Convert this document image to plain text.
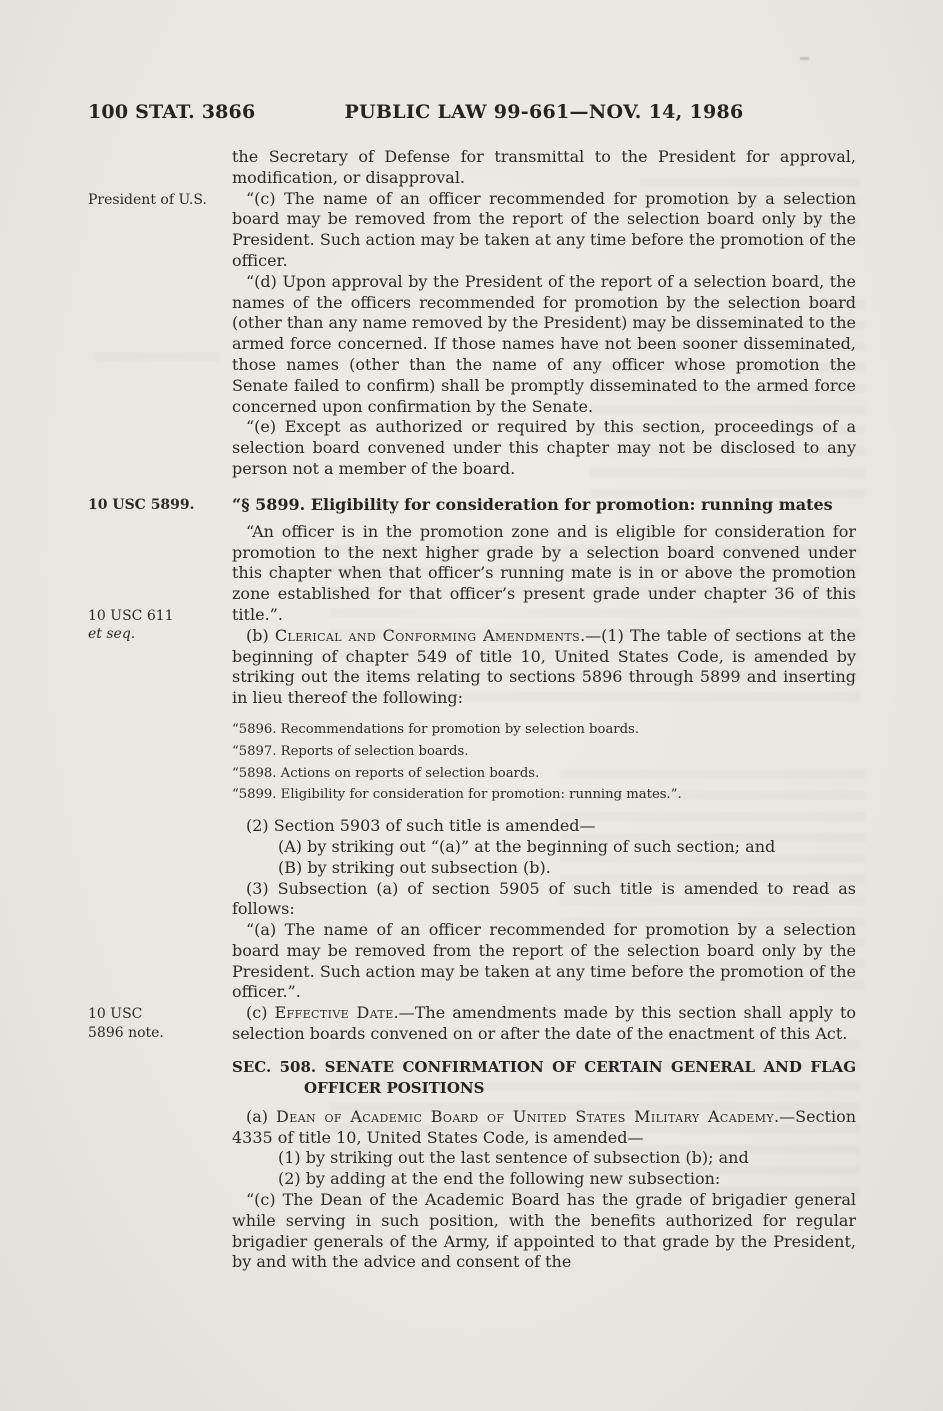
100 STAT. 3866	PUBLIC LAW 99-661—NOV. 14, 1986

the Secretary of Defense for transmittal to the President for approval, modification, or disapproval.

President of U.S.	“(c) The name of an officer recommended for promotion by a selection board may be removed from the report of the selection board only by the President. Such action may be taken at any time before the promotion of the officer.

“(d) Upon approval by the President of the report of a selection board, the names of the officers recommended for promotion by the selection board (other than any name removed by the President) may be disseminated to the armed force concerned. If those names have not been sooner disseminated, those names (other than the name of any officer whose promotion the Senate failed to confirm) shall be promptly disseminated to the armed force concerned upon confirmation by the Senate.

“(e) Except as authorized or required by this section, proceedings of a selection board convened under this chapter may not be disclosed to any person not a member of the board.

10 USC 5899.	“§ 5899. Eligibility for consideration for promotion: running mates

“An officer is in the promotion zone and is eligible for consideration for promotion to the next higher grade by a selection board convened under this chapter when that officer’s running mate is in or above the promotion zone established for that officer’s present grade under chapter 36 of this title.”.

10 USC 611 et seq.	(b) Clerical and Conforming Amendments.—(1) The table of sections at the beginning of chapter 549 of title 10, United States Code, is amended by striking out the items relating to sections 5896 through 5899 and inserting in lieu thereof the following:

“5896. Recommendations for promotion by selection boards.

“5897. Reports of selection boards.

“5898. Actions on reports of selection boards.

“5899. Eligibility for consideration for promotion: running mates.”.

(2) Section 5903 of such title is amended—

(A) by striking out “(a)” at the beginning of such section; and

(B) by striking out subsection (b).

(3) Subsection (a) of section 5905 of such title is amended to read as follows:

“(a) The name of an officer recommended for promotion by a selection board may be removed from the report of the selection board only by the President. Such action may be taken at any time before the promotion of the officer.”.

10 USC 5896 note.
(c) Effective Date.—The amendments made by this section shall apply to selection boards convened on or after the date of the enactment of this Act.

SEC. 508. SENATE CONFIRMATION OF CERTAIN GENERAL AND FLAG OFFICER POSITIONS

(a) Dean of Academic Board of United States Military Academy.—Section 4335 of title 10, United States Code, is amended—

(1) by striking out the last sentence of subsection (b); and

(2) by adding at the end the following new subsection:

“(c) The Dean of the Academic Board has the grade of brigadier general while serving in such position, with the benefits authorized for regular brigadier generals of the Army, if appointed to that grade by the President, by and with the advice and consent of the
